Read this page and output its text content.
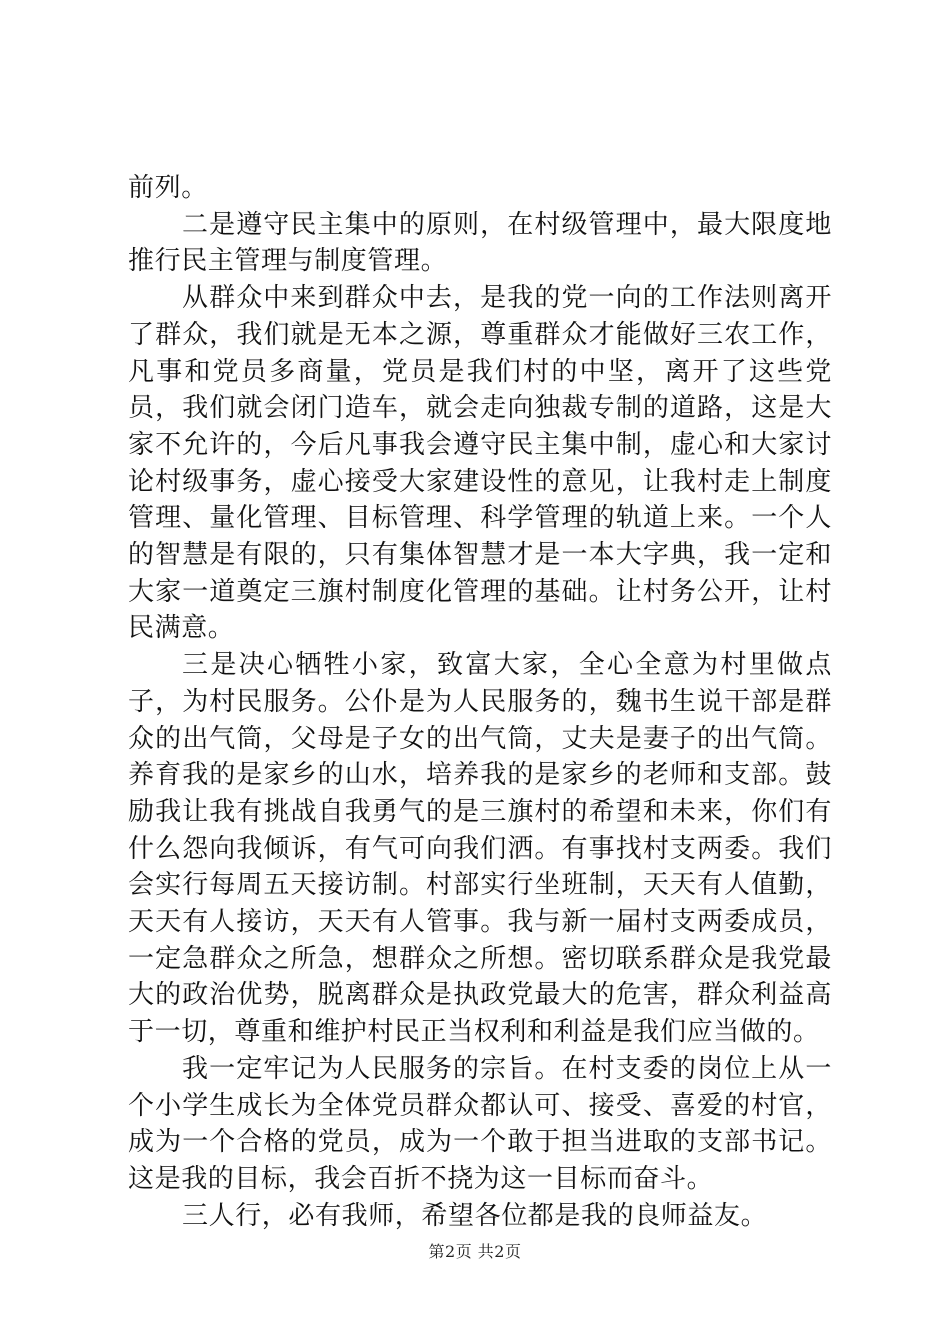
前列。

二是遵守民主集中的原则，在村级管理中，最大限度地推行民主管理与制度管理。

从群众中来到群众中去，是我的党一向的工作法则离开了群众，我们就是无本之源，尊重群众才能做好三农工作，凡事和党员多商量，党员是我们村的中坚，离开了这些党员，我们就会闭门造车，就会走向独裁专制的道路，这是大家不允许的，今后凡事我会遵守民主集中制，虚心和大家讨论村级事务，虚心接受大家建设性的意见，让我村走上制度管理、量化管理、目标管理、科学管理的轨道上来。一个人的智慧是有限的，只有集体智慧才是一本大字典，我一定和大家一道奠定三旗村制度化管理的基础。让村务公开，让村民满意。

三是决心牺牲小家，致富大家，全心全意为村里做点子，为村民服务。公仆是为人民服务的，魏书生说干部是群众的出气筒，父母是子女的出气筒，丈夫是妻子的出气筒。养育我的是家乡的山水，培养我的是家乡的老师和支部。鼓励我让我有挑战自我勇气的是三旗村的希望和未来，你们有什么怨向我倾诉，有气可向我们洒。有事找村支两委。我们会实行每周五天接访制。村部实行坐班制，天天有人值勤，天天有人接访，天天有人管事。我与新一届村支两委成员，一定急群众之所急，想群众之所想。密切联系群众是我党最大的政治优势，脱离群众是执政党最大的危害，群众利益高于一切，尊重和维护村民正当权利和利益是我们应当做的。

我一定牢记为人民服务的宗旨。在村支委的岗位上从一个小学生成长为全体党员群众都认可、接受、喜爱的村官，成为一个合格的党员，成为一个敢于担当进取的支部书记。这是我的目标，我会百折不挠为这一目标而奋斗。

三人行，必有我师，希望各位都是我的良师益友。

第2页 共2页
